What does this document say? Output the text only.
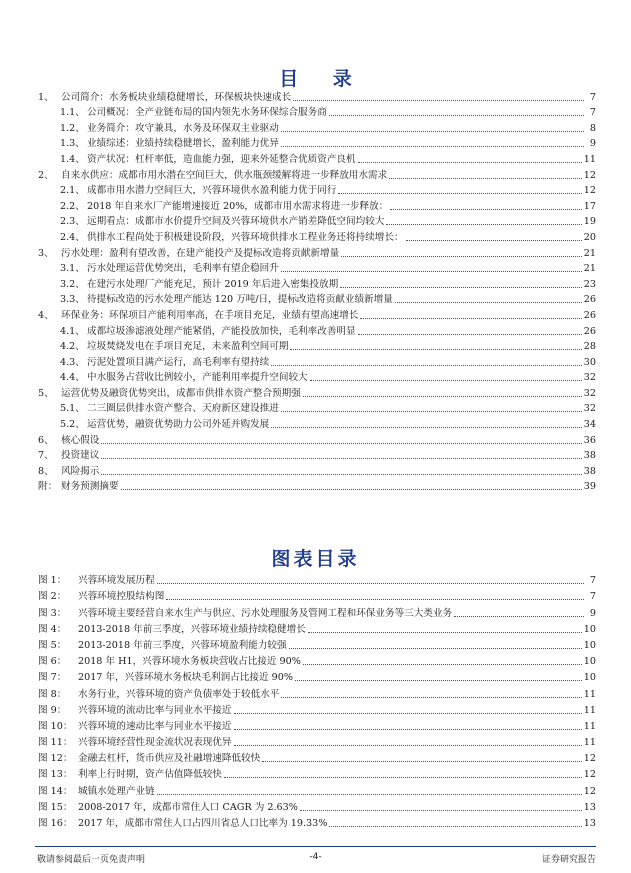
目 录
1、 公司简介：水务板块业绩稳健增长，环保板块快速成长	7
1.1、 公司概况：全产业链布局的国内领先水务环保综合服务商	7
1.2、 业务简介：攻守兼具，水务及环保双主业驱动	8
1.3、 业绩综述：业绩持续稳健增长，盈利能力优异	9
1.4、 资产状况：杠杆率低，造血能力强，迎来外延整合优质资产良机	11
2、 自来水供应：成都市用水潜在空间巨大，供水瓶颈缓解将进一步释放用水需求	12
2.1、 成都市用水潜力空间巨大，兴蓉环境供水盈利能力优于同行	12
2.2、 2018 年自来水厂产能增速接近 20%，成都市用水需求将进一步释放：	17
2.3、 远期看点：成都市水价提升空间及兴蓉环境供水产销差降低空间均较大	19
2.4、 供排水工程尚处于积极建设阶段，兴蓉环境供排水工程业务还将持续增长：	20
3、 污水处理：盈利有望改善，在建产能投产及提标改造将贡献新增量	21
3.1、 污水处理运营优势突出，毛利率有望企稳回升	21
3.2、 在建污水处理厂产能充足，预计 2019 年后进入密集投放期	23
3.3、 待提标改造的污水处理产能达 120 万吨/日，提标改造将贡献业绩新增量	26
4、 环保业务：环保项目产能利用率高，在手项目充足，业绩有望高速增长	26
4.1、 成都垃圾渗滤液处理产能紧俏，产能投放加快，毛利率改善明显	26
4.2、 垃圾焚烧发电在手项目充足，未来盈利空间可期	28
4.3、 污泥处置项目满产运行，高毛利率有望持续	30
4.4、 中水服务占营收比例较小，产能利用率提升空间较大	32
5、 运营优势及融资优势突出，成都市供排水资产整合预期强	32
5.1、 二三圈层供排水资产整合、天府新区建设推进	32
5.2、 运营优势，融资优势助力公司外延并购发展	34
6、 核心假设	36
7、 投资建议	38
8、 风险揭示	38
附： 财务预测摘要	39
图表目录
图 1：	兴蓉环境发展历程	7
图 2：	兴蓉环境控股结构图	7
图 3：	兴蓉环境主要经营自来水生产与供应、污水处理服务及管网工程和环保业务等三大类业务	9
图 4：	2013-2018 年前三季度，兴蓉环境业绩持续稳健增长	10
图 5：	2013-2018 年前三季度，兴蓉环境盈利能力较强	10
图 6：	2018 年 H1，兴蓉环境水务板块营收占比接近 90%	10
图 7：	2017 年，兴蓉环境水务板块毛利润占比接近 90%	10
图 8：	水务行业，兴蓉环境的资产负债率处于较低水平	11
图 9：	兴蓉环境的流动比率与同业水平接近	11
图 10： 兴蓉环境的速动比率与同业水平接近	11
图 11： 兴蓉环境经营性现金流状况表现优异	11
图 12： 金融去杠杆，货币供应及社融增速降低较快	12
图 13： 利率上行时期，资产估值降低较快	12
图 14： 城镇水处理产业链	12
图 15： 2008-2017 年，成都市常住人口 CAGR 为 2.63%	13
图 16： 2017 年，成都市常住人口占四川省总人口比率为 19.33%	13
敬请参阅最后一页免责声明	-4-	证券研究报告
